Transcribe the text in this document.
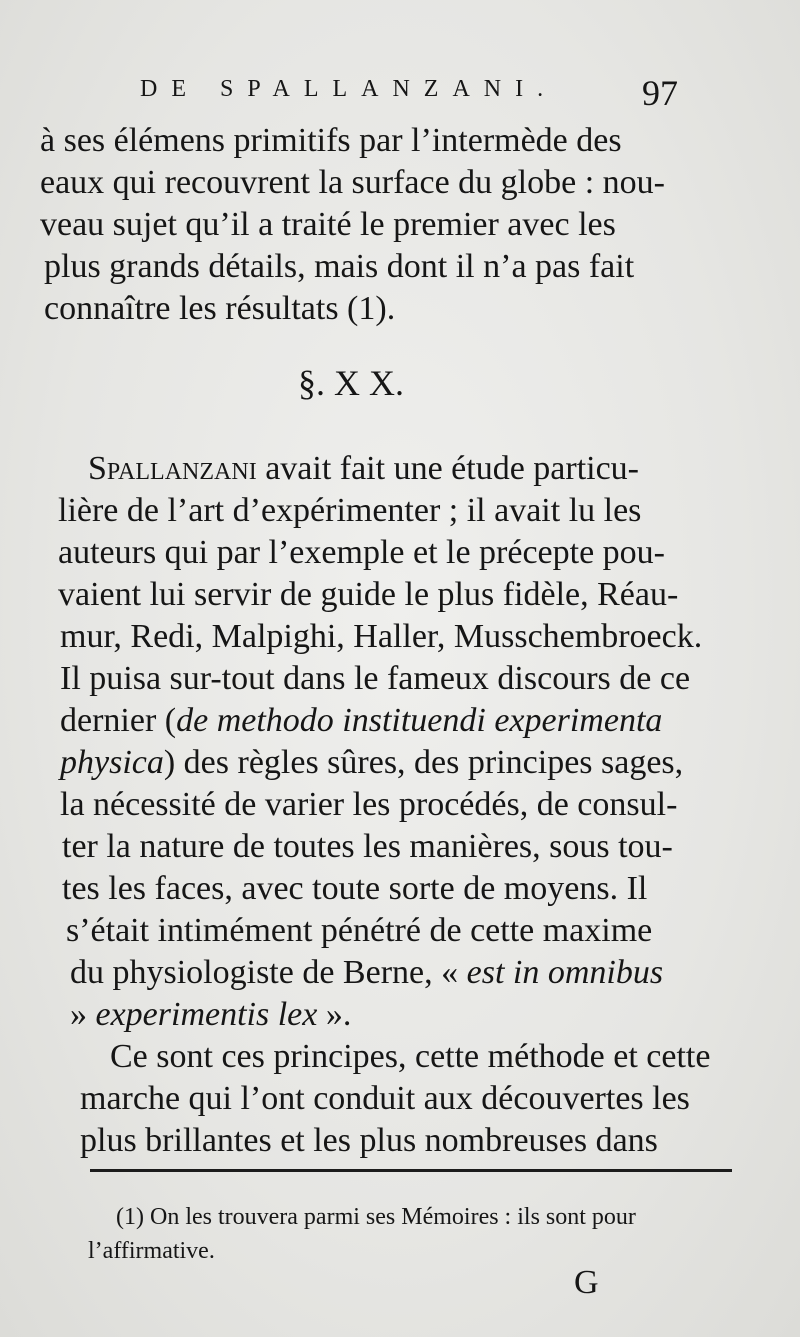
DE SPALLANZANI. 97
à ses élémens primitifs par l’intermède des
eaux qui recouvrent la surface du globe : nou-
veau sujet qu’il a traité le premier avec les
plus grands détails, mais dont il n’a pas fait
connaître les résultats (1).
§. X X.
Spallanzani avait fait une étude particu-
lière de l’art d’expérimenter ; il avait lu les
auteurs qui par l’exemple et le précepte pou-
vaient lui servir de guide le plus fidèle, Réau-
mur, Redi, Malpighi, Haller, Musschembroeck.
Il puisa sur-tout dans le fameux discours de ce
dernier (de methodo instituendi experimenta
physica) des règles sûres, des principes sages,
la nécessité de varier les procédés, de consul-
ter la nature de toutes les manières, sous tou-
tes les faces, avec toute sorte de moyens. Il
s’était intimément pénétré de cette maxime
du physiologiste de Berne, « est in omnibus
» experimentis lex ».
Ce sont ces principes, cette méthode et cette
marche qui l’ont conduit aux découvertes les
plus brillantes et les plus nombreuses dans
(1) On les trouvera parmi ses Mémoires : ils sont pour
l’affirmative.
G
